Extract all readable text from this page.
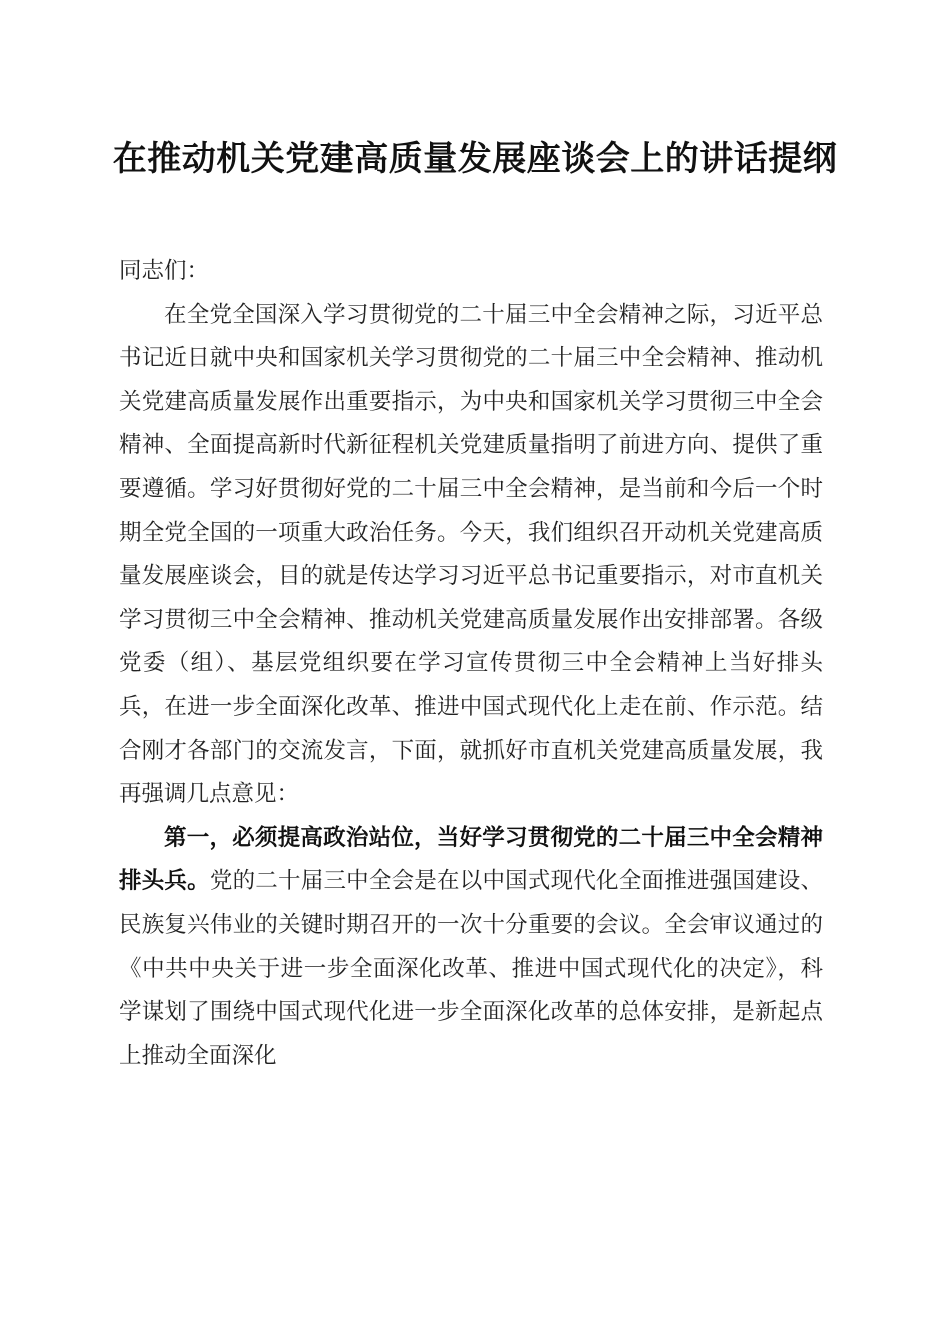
在推动机关党建高质量发展座谈会上的讲话提纲

同志们：

在全党全国深入学习贯彻党的二十届三中全会精神之际，习近平总书记近日就中央和国家机关学习贯彻党的二十届三中全会精神、推动机关党建高质量发展作出重要指示，为中央和国家机关学习贯彻三中全会精神、全面提高新时代新征程机关党建质量指明了前进方向、提供了重要遵循。学习好贯彻好党的二十届三中全会精神，是当前和今后一个时期全党全国的一项重大政治任务。今天，我们组织召开动机关党建高质量发展座谈会，目的就是传达学习习近平总书记重要指示，对市直机关学习贯彻三中全会精神、推动机关党建高质量发展作出安排部署。各级党委（组）、基层党组织要在学习宣传贯彻三中全会精神上当好排头兵，在进一步全面深化改革、推进中国式现代化上走在前、作示范。结合刚才各部门的交流发言，下面，就抓好市直机关党建高质量发展，我再强调几点意见：

第一，必须提高政治站位，当好学习贯彻党的二十届三中全会精神排头兵。党的二十届三中全会是在以中国式现代化全面推进强国建设、民族复兴伟业的关键时期召开的一次十分重要的会议。全会审议通过的《中共中央关于进一步全面深化改革、推进中国式现代化的决定》，科学谋划了围绕中国式现代化进一步全面深化改革的总体安排，是新起点上推动全面深化
